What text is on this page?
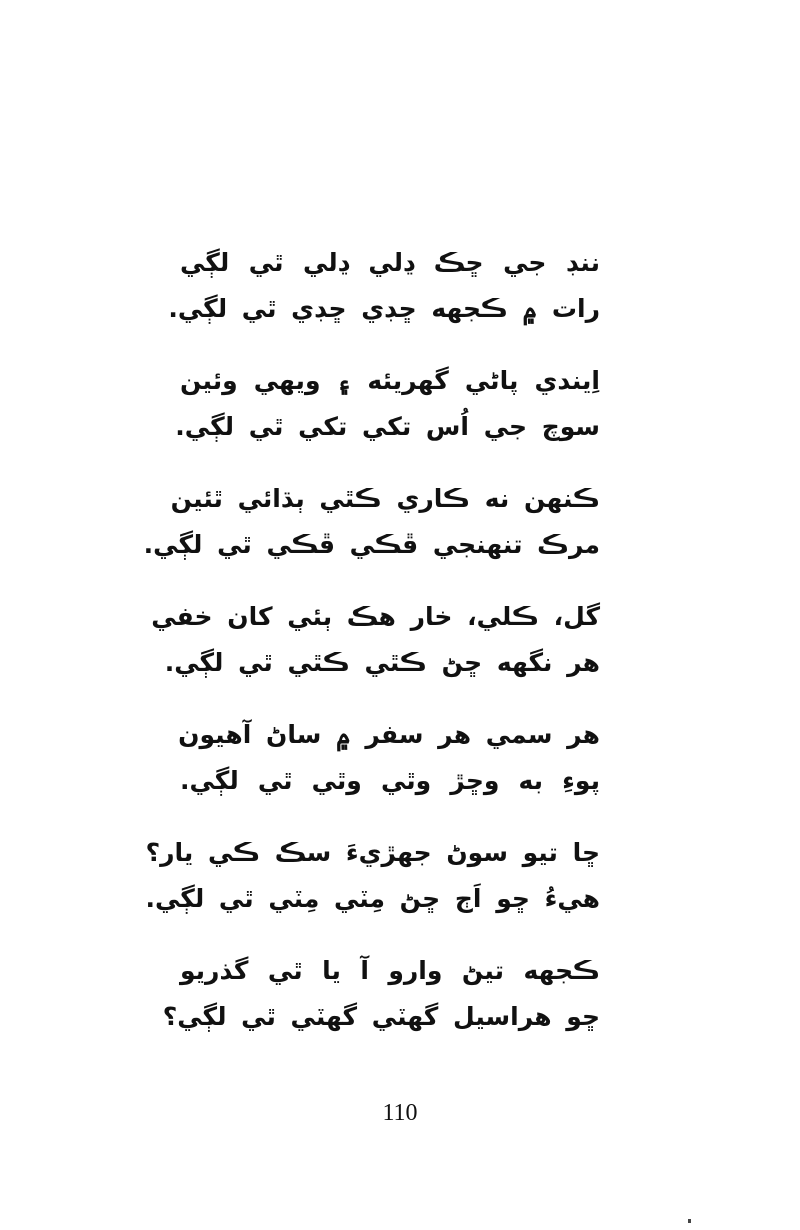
ننڊ جي ڇڪ ڍلي ڍلي ٿي لڳي
رات ۾ ڪجهه ڇڊي ڇڊي ٿي لڳي.
اِيندي پاڻي گهريئه ۽ ويهي وئين
سوچ جي اُس تکي تکي ٿي لڳي.
ڪنهن نه ڪاري ڪٿي ٻڌائي ٿئين
مرڪ تنهنجي ڦڪي ڦڪي ٿي لڳي.
گل، ڪلي، خار هڪ ٻئي کان خفي
هر نگهه ڇڻ ڪٿي ڪٿي ٿي لڳي.
هر سمي هر سفر ۾ ساڻ آهيون
پوءِ به وڇڙ وٿي وٿي ٿي لڳي.
ڇا تيو سوڻ جهڙيءَ سڪ ڪي يار؟
هيءُ ڇو اَڄ ڇڻ مِٽي مِٽي ٿي لڳي.
ڪجهه تيڻ وارو آ يا ٿي گذريو
ڇو هراسيل گهٽي گهٽي ٿي لڳي؟
110
